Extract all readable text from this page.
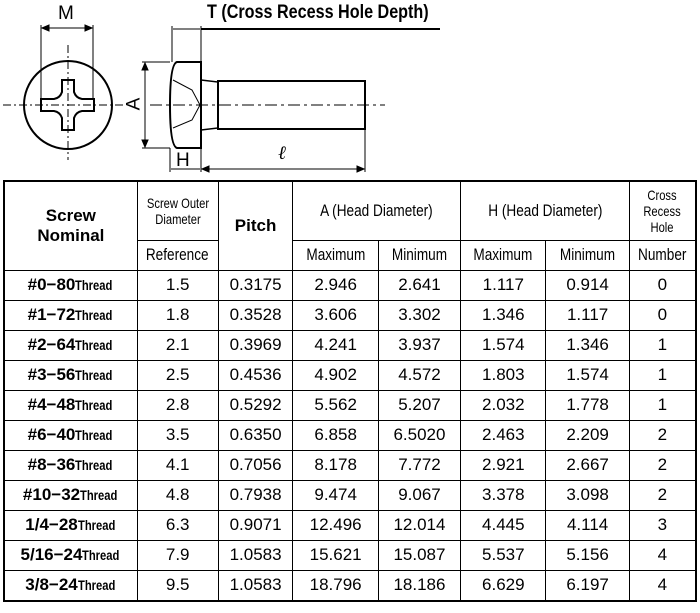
T (Cross Recess Hole Depth)
M
A
H	ℓ
Screw Nominal	Screw Outer Diameter	Pitch	A (Head Diameter)		H (Head Diameter)		Cross Recess Hole
	Reference		Maximum	Minimum	Maximum	Minimum	Number
#0−80Thread	1.5	0.3175	2.946	2.641	1.117	0.914	0
#1−72Thread	1.8	0.3528	3.606	3.302	1.346	1.117	0
#2−64Thread	2.1	0.3969	4.241	3.937	1.574	1.346	1
#3−56Thread	2.5	0.4536	4.902	4.572	1.803	1.574	1
#4−48Thread	2.8	0.5292	5.562	5.207	2.032	1.778	1
#6−40Thread	3.5	0.6350	6.858	6.5020	2.463	2.209	2
#8−36Thread	4.1	0.7056	8.178	7.772	2.921	2.667	2
#10−32Thread	4.8	0.7938	9.474	9.067	3.378	3.098	2
1/4−28Thread	6.3	0.9071	12.496	12.014	4.445	4.114	3
5/16−24Thread	7.9	1.0583	15.621	15.087	5.537	5.156	4
3/8−24Thread	9.5	1.0583	18.796	18.186	6.629	6.197	4
